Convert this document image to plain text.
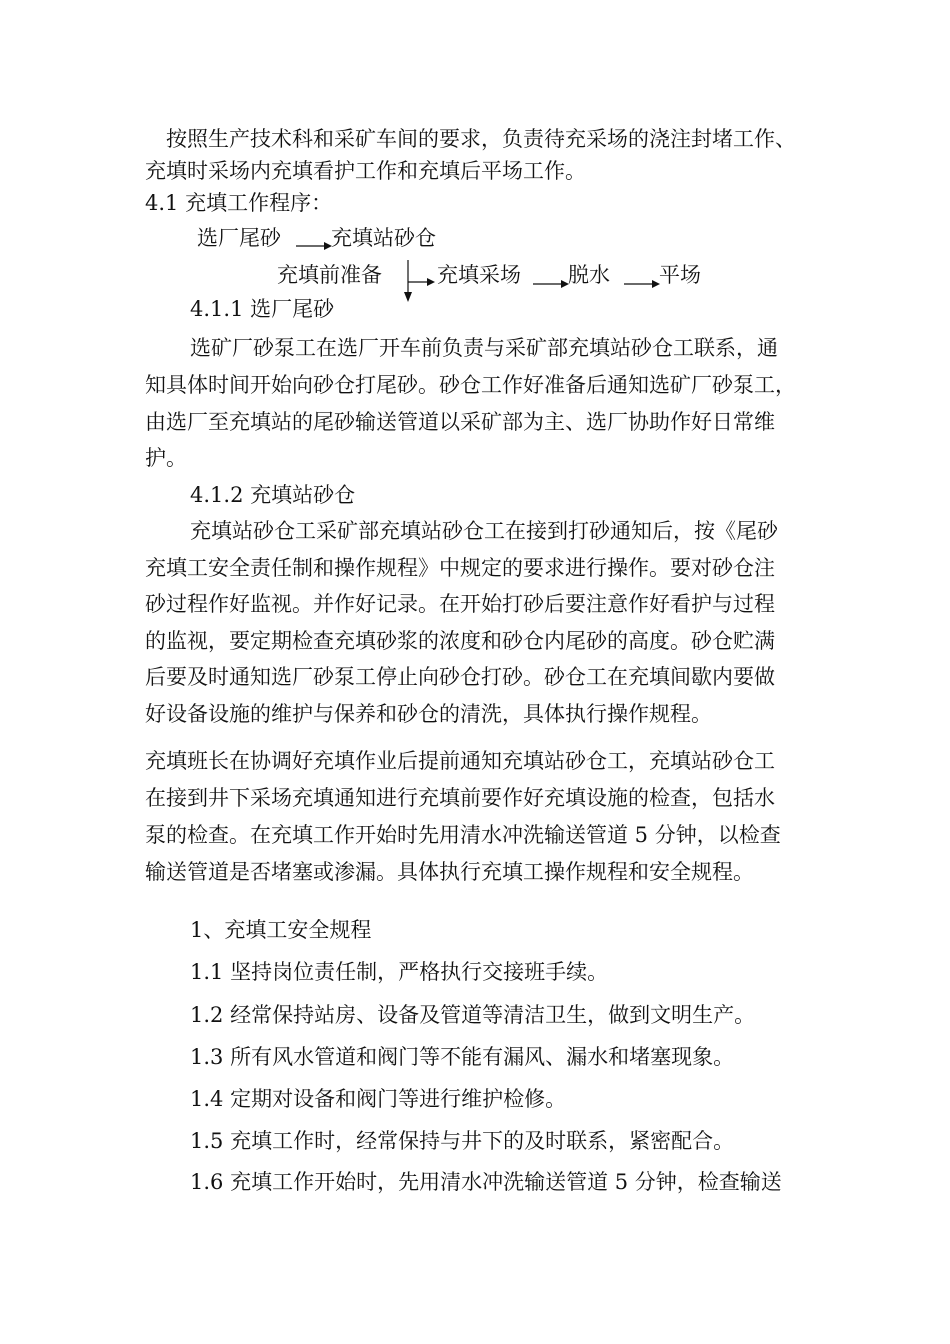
按照生产技术科和采矿车间的要求，负责待充采场的浇注封堵工作、
充填时采场内充填看护工作和充填后平场工作。
4.1 充填工作程序：
选厂尾砂 充填站砂仓
充填前准备	充填采场 脱水 平场
4.1.1 选厂尾砂
选矿厂砂泵工在选厂开车前负责与采矿部充填站砂仓工联系，通
知具体时间开始向砂仓打尾砂。砂仓工作好准备后通知选矿厂砂泵工，
由选厂至充填站的尾砂输送管道以采矿部为主、选厂协助作好日常维
护。
4.1.2 充填站砂仓
充填站砂仓工采矿部充填站砂仓工在接到打砂通知后，按《尾砂
充填工安全责任制和操作规程》中规定的要求进行操作。要对砂仓注
砂过程作好监视。并作好记录。在开始打砂后要注意作好看护与过程
的监视，要定期检查充填砂浆的浓度和砂仓内尾砂的高度。砂仓贮满
后要及时通知选厂砂泵工停止向砂仓打砂。砂仓工在充填间歇内要做
好设备设施的维护与保养和砂仓的清洗，具体执行操作规程。
充填班长在协调好充填作业后提前通知充填站砂仓工，充填站砂仓工
在接到井下采场充填通知进行充填前要作好充填设施的检查，包括水
泵的检查。在充填工作开始时先用清水冲洗输送管道 5 分钟，以检查
输送管道是否堵塞或渗漏。具体执行充填工操作规程和安全规程。
1、充填工安全规程
1.1 坚持岗位责任制，严格执行交接班手续。
1.2 经常保持站房、设备及管道等清洁卫生，做到文明生产。
1.3 所有风水管道和阀门等不能有漏风、漏水和堵塞现象。
1.4 定期对设备和阀门等进行维护检修。
1.5 充填工作时，经常保持与井下的及时联系，紧密配合。
1.6 充填工作开始时，先用清水冲洗输送管道 5 分钟，检查输送
